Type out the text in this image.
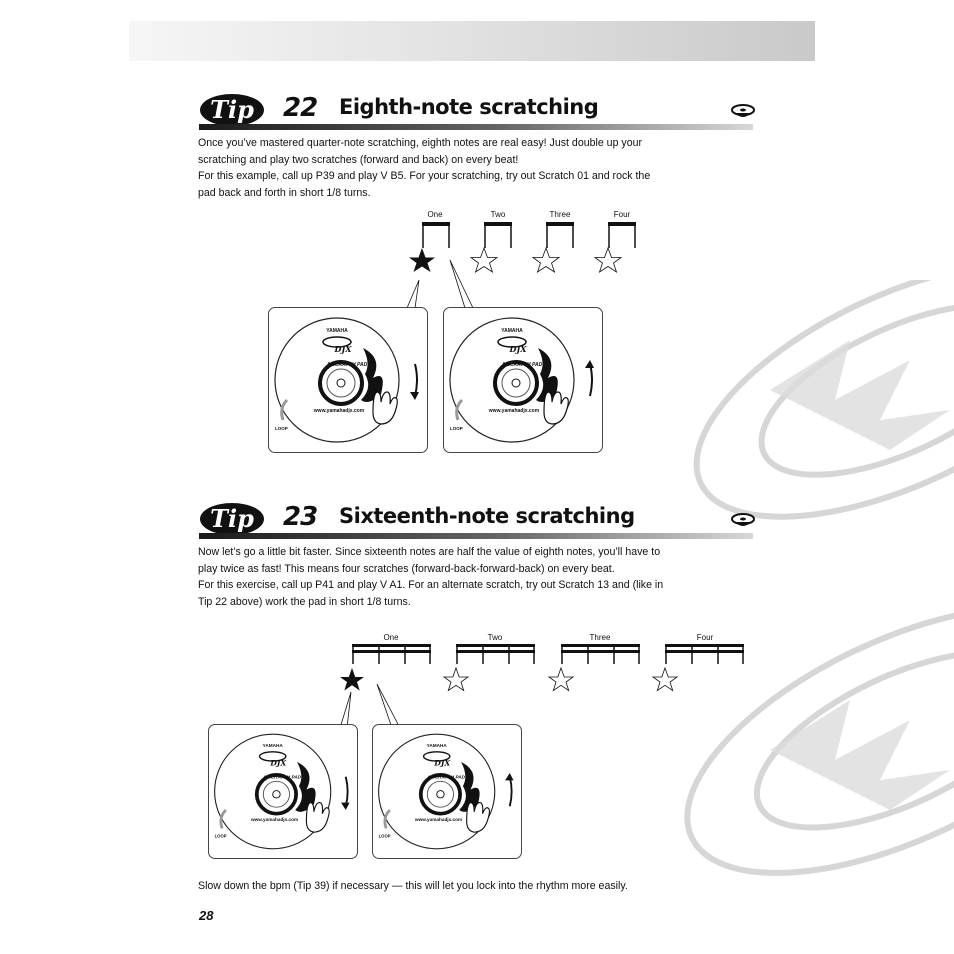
Tip 22 Eighth-note scratching

Once you’ve mastered quarter-note scratching, eighth notes are real easy! Just double up your scratching and play two scratches (forward and back) on every beat!

For this example, call up P39 and play V B5. For your scratching, try out Scratch 01 and rock the pad back and forth in short 1/8 turns.

One	Two	Three	Four
YAMAHA
DJX
A SCRATCH PAD
www.yamahadjx.com
LOOP
YAMAHA
DJX
A SCRATCH PAD
www.yamahadjx.com
LOOP
Tip 23 Sixteenth-note scratching

Now let’s go a little bit faster. Since sixteenth notes are half the value of eighth notes, you’ll have to play twice as fast! This means four scratches (forward-back-forward-back) on every beat.

For this exercise, call up P41 and play V A1. For an alternate scratch, try out Scratch 13 and (like in Tip 22 above) work the pad in short 1/8 turns.

One	Two	Three	Four
YAMAHA
DJX
A SCRATCH PAD
www.yamahadjx.com
LOOP
YAMAHA
DJX
A SCRATCH PAD
www.yamahadjx.com
LOOP
Slow down the bpm (Tip 39) if necessary — this will let you lock into the rhythm more easily.
28
